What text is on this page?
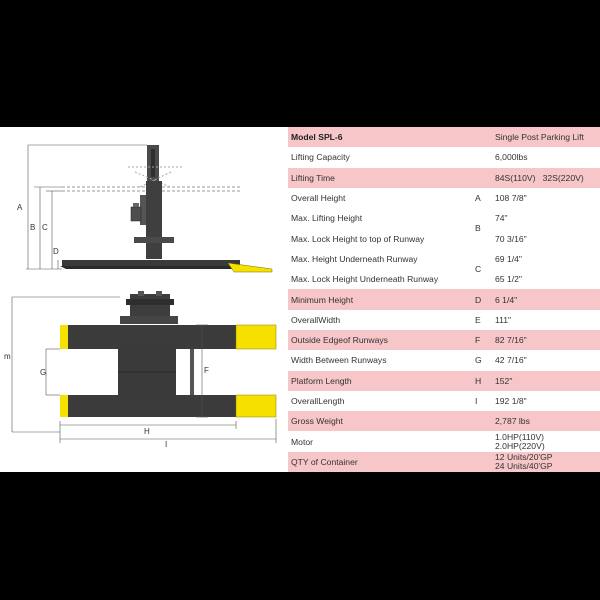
A
B C
D
m
G	F
H
I
Model SPL-6		Single Post Parking Lift
Lifting Capacity		6,000lbs
Lifting Time		84S(110V)   32S(220V)
Overall Height	A	108 7/8"
Max. Lifting Height	B	74"
Max. Lock Height to top of Runway		70 3/16"
Max. Height Underneath Runway	C	69 1/4"
Max. Lock Height Underneath Runway		65 1/2"
Minimum Height	D	6 1/4"
OverallWidth	E	111"
Outside Edgeof Runways	F	82 7/16"
Width Between Runways	G	42 7/16"
Platform Length	H	152"
OverallLength	I	192 1/8"
Gross Weight		2,787 lbs
Motor		1.0HP(110V)
2.0HP(220V)

QTY of Container		12 Units/20'GP
24 Units/40'GP
